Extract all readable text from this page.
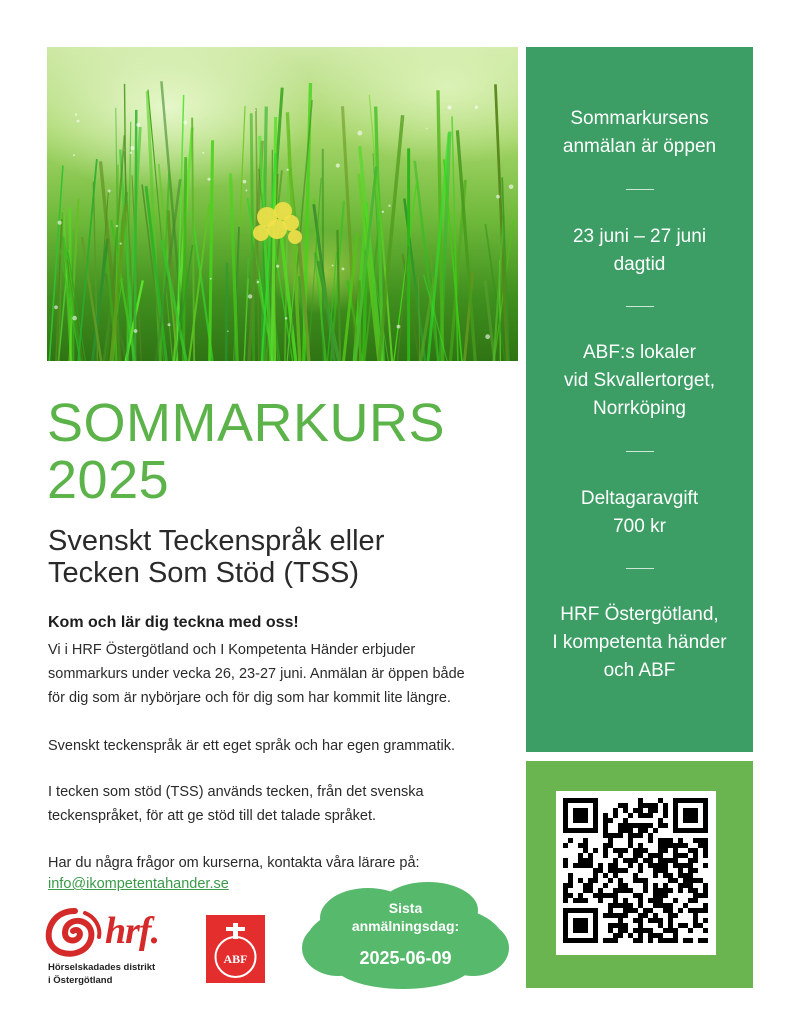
SOMMARKURS
2025
Svenskt Teckenspråk eller
Tecken Som Stöd (TSS)
Kom och lär dig teckna med oss!

Vi i HRF Östergötland och I Kompetenta Händer erbjuder
sommarkurs under vecka 26, 23-27 juni. Anmälan är öppen både
för dig som är nybörjare och för dig som har kommit lite längre.

Svenskt teckenspråk är ett eget språk och har egen grammatik.

I tecken som stöd (TSS) används tecken, från det svenska
teckenspråket, för att ge stöd till det talade språket.

Har du några frågor om kurserna, kontakta våra lärare på:

info@ikompetentahander.se
hrf.
Hörselskadades distrikt
i Östergötland
ABF
Sista
anmälningsdag:
2025-06-09
Sommarkursens
anmälan är öppen
23 juni – 27 juni
dagtid
ABF:s lokaler
vid Skvallertorget,
Norrköping
Deltagaravgift
700 kr
HRF Östergötland,
I kompetenta händer
och ABF
